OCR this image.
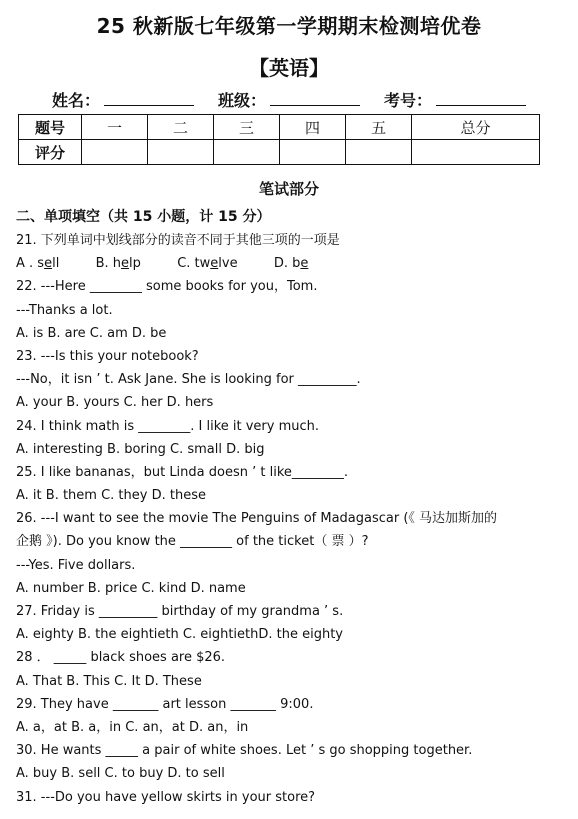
25 秋新版七年级第一学期期末检测培优卷
【英语】
姓名：	班级：	考号：
题号	一	二	三	四	五	总分
评分						
笔试部分
二、单项填空（共 15 小题，计 15 分）
21. 下列单词中划线部分的读音不同于其他三项的一项是
A . sell	B. help	C. twelve	D. be
22. ---Here ________ some books for you，Tom.
---Thanks a lot.
A. is B. are C. am D. be
23. ---Is this your notebook?
---No，it isn ’ t. Ask Jane. She is looking for _________.
A. your B. yours C. her D. hers
24. I think math is ________. I like it very much.
A. interesting B. boring C. small D. big
25. I like bananas，but Linda doesn ’ t like________.
A. it B. them C. they D. these
26. ---I want to see the movie The Penguins of Madagascar (《 马达加斯加的
企鹅 》). Do you know the ________ of the ticket（ 票 ）?
---Yes. Five dollars.
A. number B. price C. kind D. name
27. Friday is _________ birthday of my grandma ’ s.
A. eighty B. the eightieth C. eightiethD. the eighty
28 ． _____ black shoes are $26.
A. That B. This C. It D. These
29. They have _______ art lesson _______ 9:00.
A. a，at B. a，in C. an，at D. an，in
30. He wants _____ a pair of white shoes. Let ’ s go shopping together.
A. buy B. sell C. to buy D. to sell
31. ---Do you have yellow skirts in your store?
